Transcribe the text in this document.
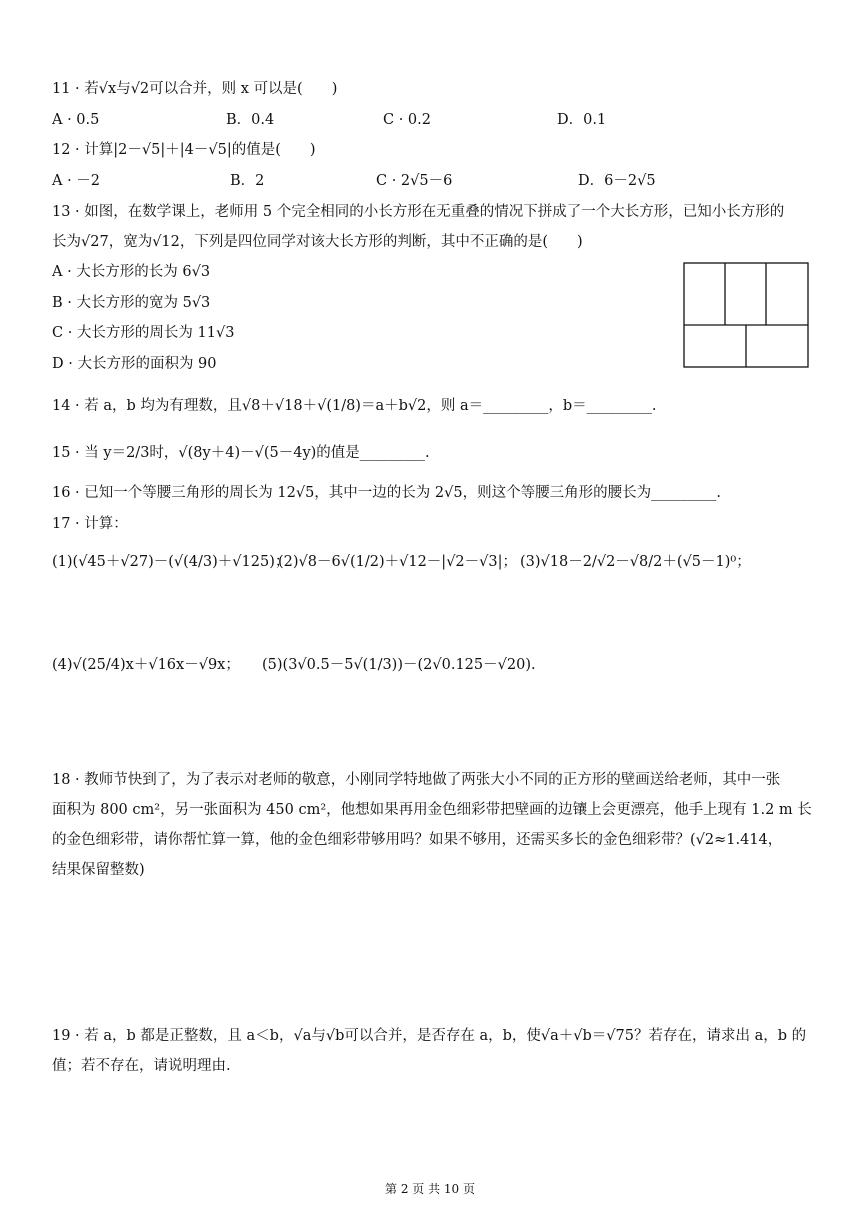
11 · 若√x与√2可以合并，则 x 可以是(　　)
A · 0.5	B．0.4	C · 0.2	D．0.1
12 · 计算|2－√5|＋|4－√5|的值是(　　)
A · －2	B．2	C · 2√5－6	D．6－2√5
13 · 如图，在数学课上，老师用 5 个完全相同的小长方形在无重叠的情况下拼成了一个大长方形，已知小长方形的
长为√27，宽为√12，下列是四位同学对该大长方形的判断，其中不正确的是(　　)
A · 大长方形的长为 6√3
B · 大长方形的宽为 5√3
C · 大长方形的周长为 11√3
D · 大长方形的面积为 90
14 · 若 a，b 均为有理数，且√8＋√18＋√(1/8)＝a＋b√2，则 a＝_________，b＝_________.
15 · 当 y＝2/3时，√(8y＋4)－√(5－4y)的值是_________.
16 · 已知一个等腰三角形的周长为 12√5，其中一边的长为 2√5，则这个等腰三角形的腰长为_________.
17 · 计算：
(1)(√45＋√27)－(√(4/3)＋√125)；
(2)√8－6√(1/2)＋√12－|√2－√3|； (3)√18－2/√2－√8/2＋(√5－1)⁰；
(4)√(25/4)x＋√16x－√9x； (5)(3√0.5－5√(1/3))－(2√0.125－√20).
18 · 教师节快到了，为了表示对老师的敬意，小刚同学特地做了两张大小不同的正方形的壁画送给老师，其中一张
面积为 800 cm²，另一张面积为 450 cm²，他想如果再用金色细彩带把壁画的边镶上会更漂亮，他手上现有 1.2 m 长
的金色细彩带，请你帮忙算一算，他的金色细彩带够用吗？如果不够用，还需买多长的金色细彩带？(√2≈1.414，
结果保留整数)
19 · 若 a，b 都是正整数，且 a＜b，√a与√b可以合并，是否存在 a，b，使√a＋√b＝√75？若存在，请求出 a，b 的
值；若不存在，请说明理由.
第 2 页 共 10 页
